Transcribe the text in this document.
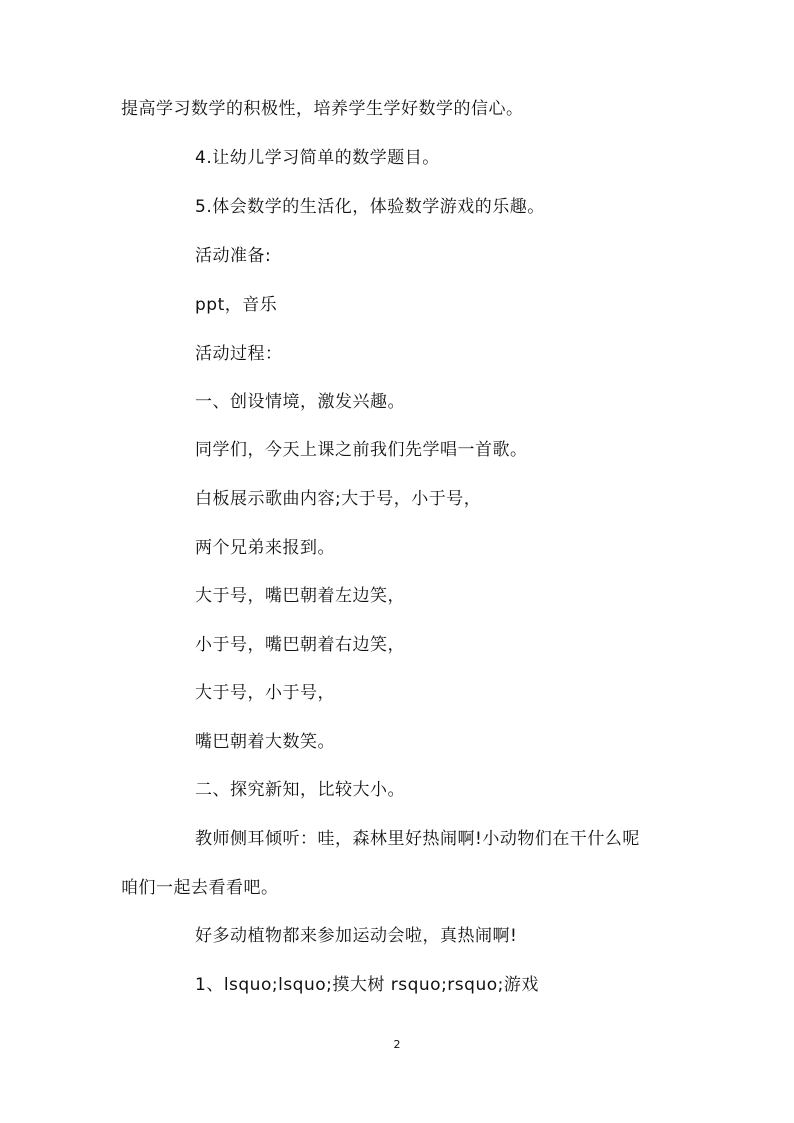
提高学习数学的积极性，培养学生学好数学的信心。
4.让幼儿学习简单的数学题目。
5.体会数学的生活化，体验数学游戏的乐趣。
活动准备:
ppt，音乐
活动过程：
一、创设情境，激发兴趣。
同学们，今天上课之前我们先学唱一首歌。
白板展示歌曲内容;大于号，小于号，
两个兄弟来报到。
大于号，嘴巴朝着左边笑，
小于号，嘴巴朝着右边笑，
大于号，小于号，
嘴巴朝着大数笑。
二、探究新知，比较大小。
教师侧耳倾听：哇，森林里好热闹啊!小动物们在干什么呢
咱们一起去看看吧。
好多动植物都来参加运动会啦，真热闹啊!
1、lsquo;lsquo;摸大树 rsquo;rsquo;游戏
2
